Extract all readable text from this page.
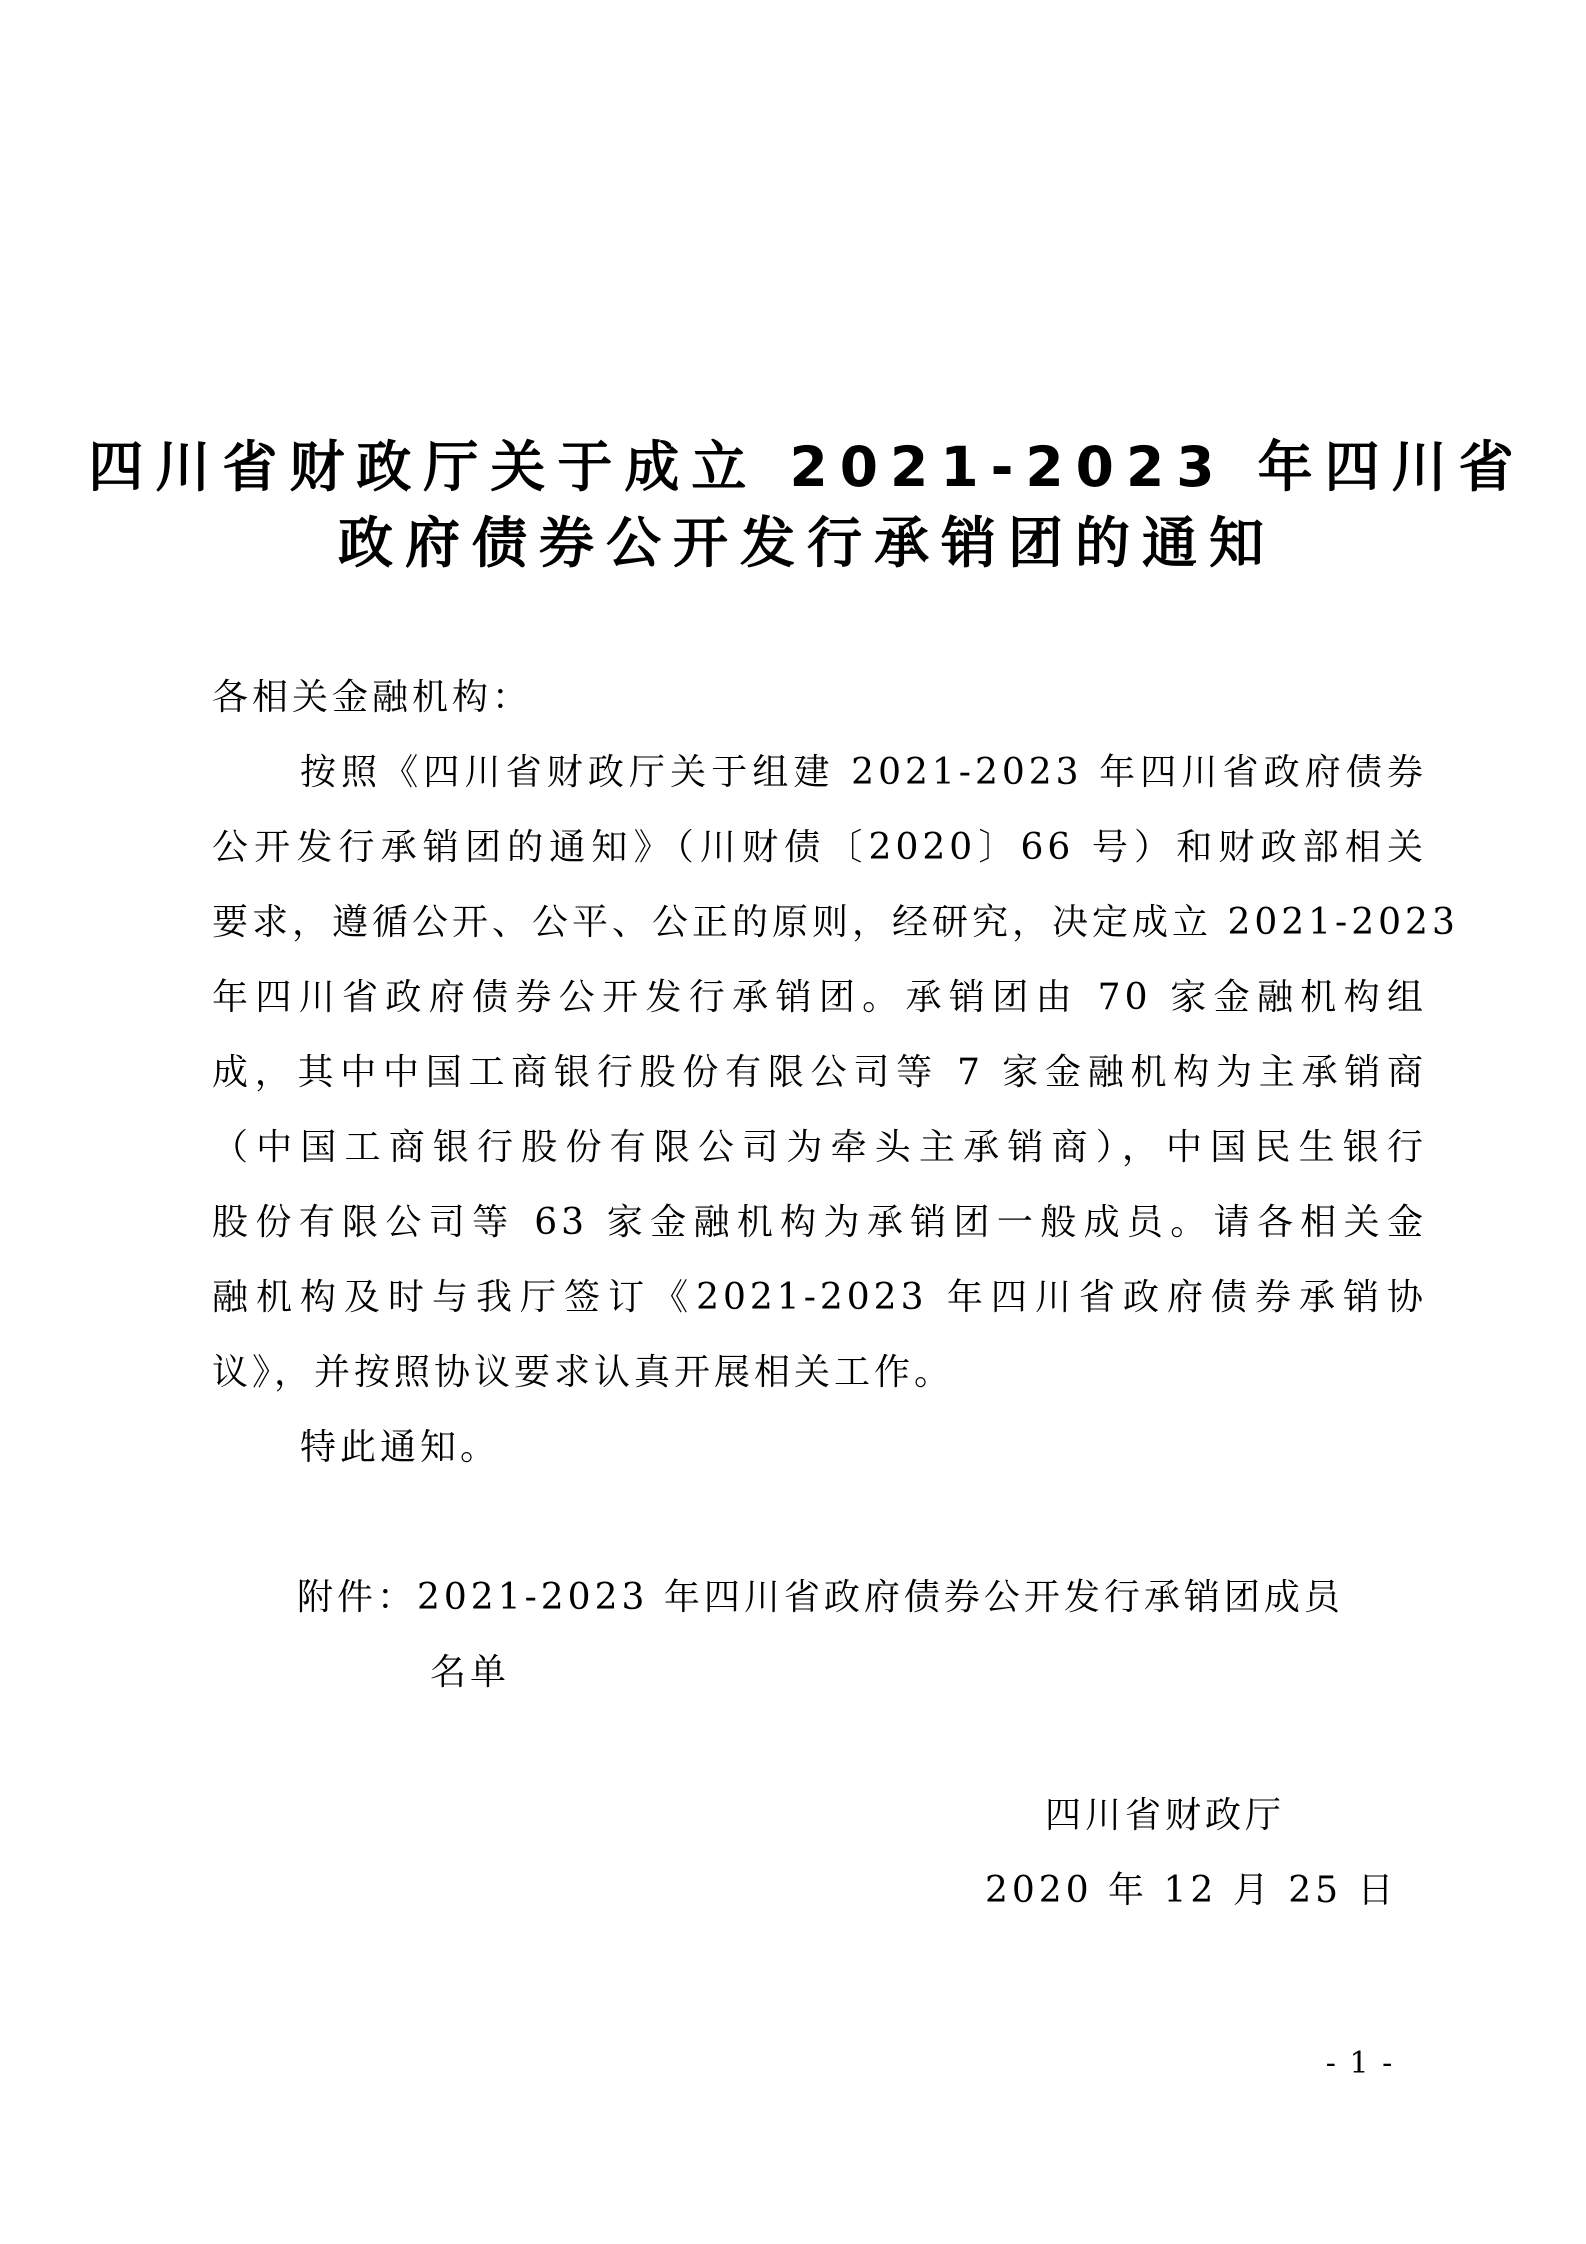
四川省财政厅关于成立 2021-2023 年四川省
政府债券公开发行承销团的通知
各相关金融机构：
按照《四川省财政厅关于组建 2021-2023 年四川省政府债券
公开发行承销团的通知》（川财债〔2020〕66 号）和财政部相关
要求，遵循公开、公平、公正的原则，经研究，决定成立 2021-2023
年四川省政府债券公开发行承销团。承销团由 70 家金融机构组
成，其中中国工商银行股份有限公司等 7 家金融机构为主承销商
（中国工商银行股份有限公司为牵头主承销商），中国民生银行
股份有限公司等 63 家金融机构为承销团一般成员。请各相关金
融机构及时与我厅签订《2021-2023 年四川省政府债券承销协
议》，并按照协议要求认真开展相关工作。
特此通知。
附件：2021-2023 年四川省政府债券公开发行承销团成员
名单
四川省财政厅
2020 年 12 月 25 日
- 1 -
